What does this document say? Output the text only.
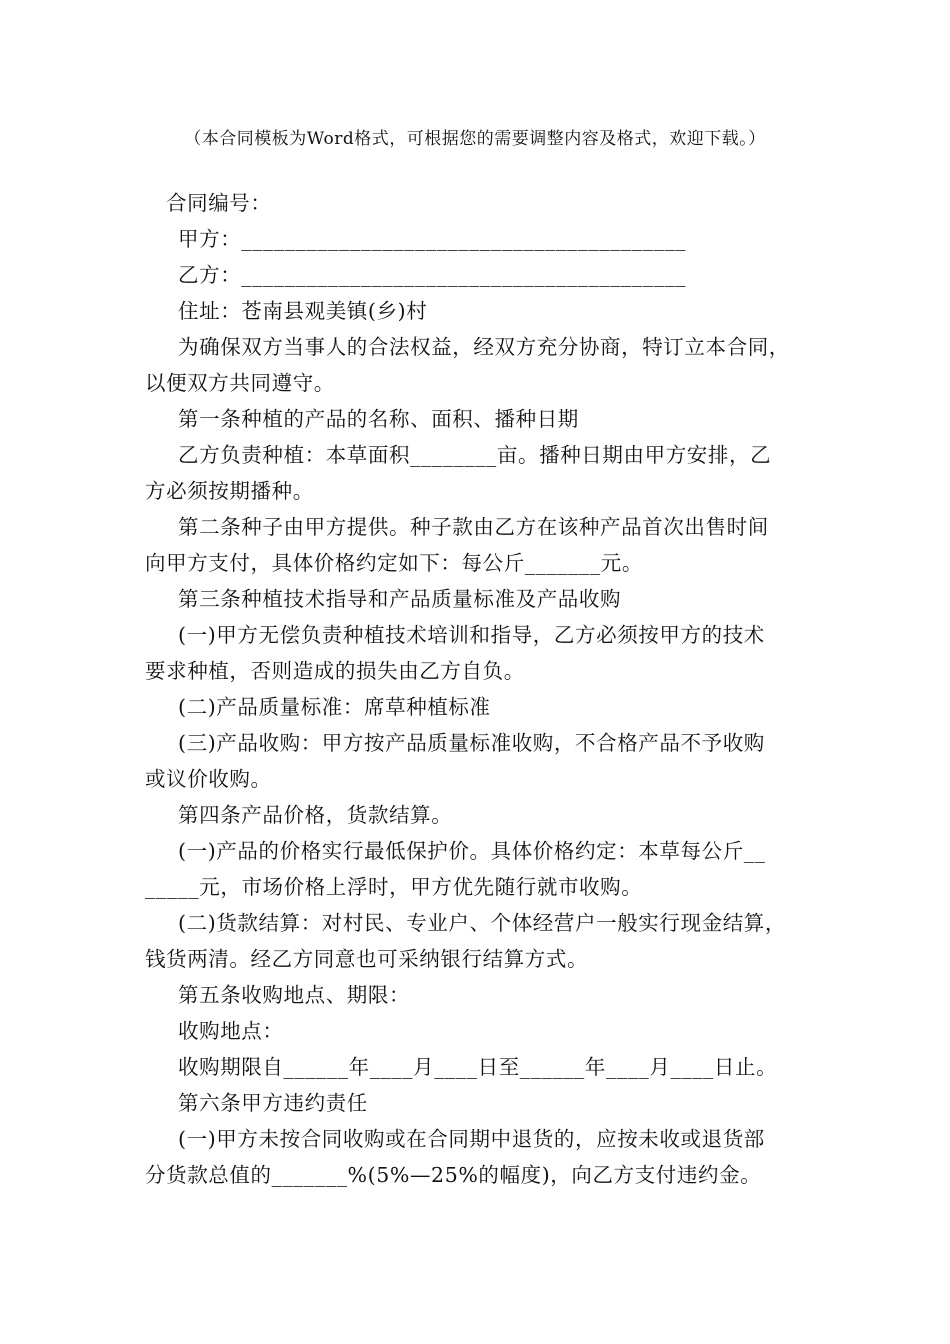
（本合同模板为Word格式，可根据您的需要调整内容及格式，欢迎下载。）
合同编号：
甲方：_________________________________________
乙方：_________________________________________
住址：苍南县观美镇(乡)村
为确保双方当事人的合法权益，经双方充分协商，特订立本合同，
以便双方共同遵守。
第一条种植的产品的名称、面积、播种日期
乙方负责种植：本草面积________亩。播种日期由甲方安排，乙
方必须按期播种。
第二条种子由甲方提供。种子款由乙方在该种产品首次出售时间
向甲方支付，具体价格约定如下：每公斤_______元。
第三条种植技术指导和产品质量标准及产品收购
(一)甲方无偿负责种植技术培训和指导，乙方必须按甲方的技术
要求种植，否则造成的损失由乙方自负。
(二)产品质量标准：席草种植标准
(三)产品收购：甲方按产品质量标准收购，不合格产品不予收购
或议价收购。
第四条产品价格，货款结算。
(一)产品的价格实行最低保护价。具体价格约定：本草每公斤__
_____元，市场价格上浮时，甲方优先随行就市收购。
(二)货款结算：对村民、专业户、个体经营户一般实行现金结算，
钱货两清。经乙方同意也可采纳银行结算方式。
第五条收购地点、期限：
收购地点：
收购期限自______年____月____日至______年____月____日止。
第六条甲方违约责任
(一)甲方未按合同收购或在合同期中退货的，应按未收或退货部
分货款总值的_______%(5%—25%的幅度)，向乙方支付违约金。
